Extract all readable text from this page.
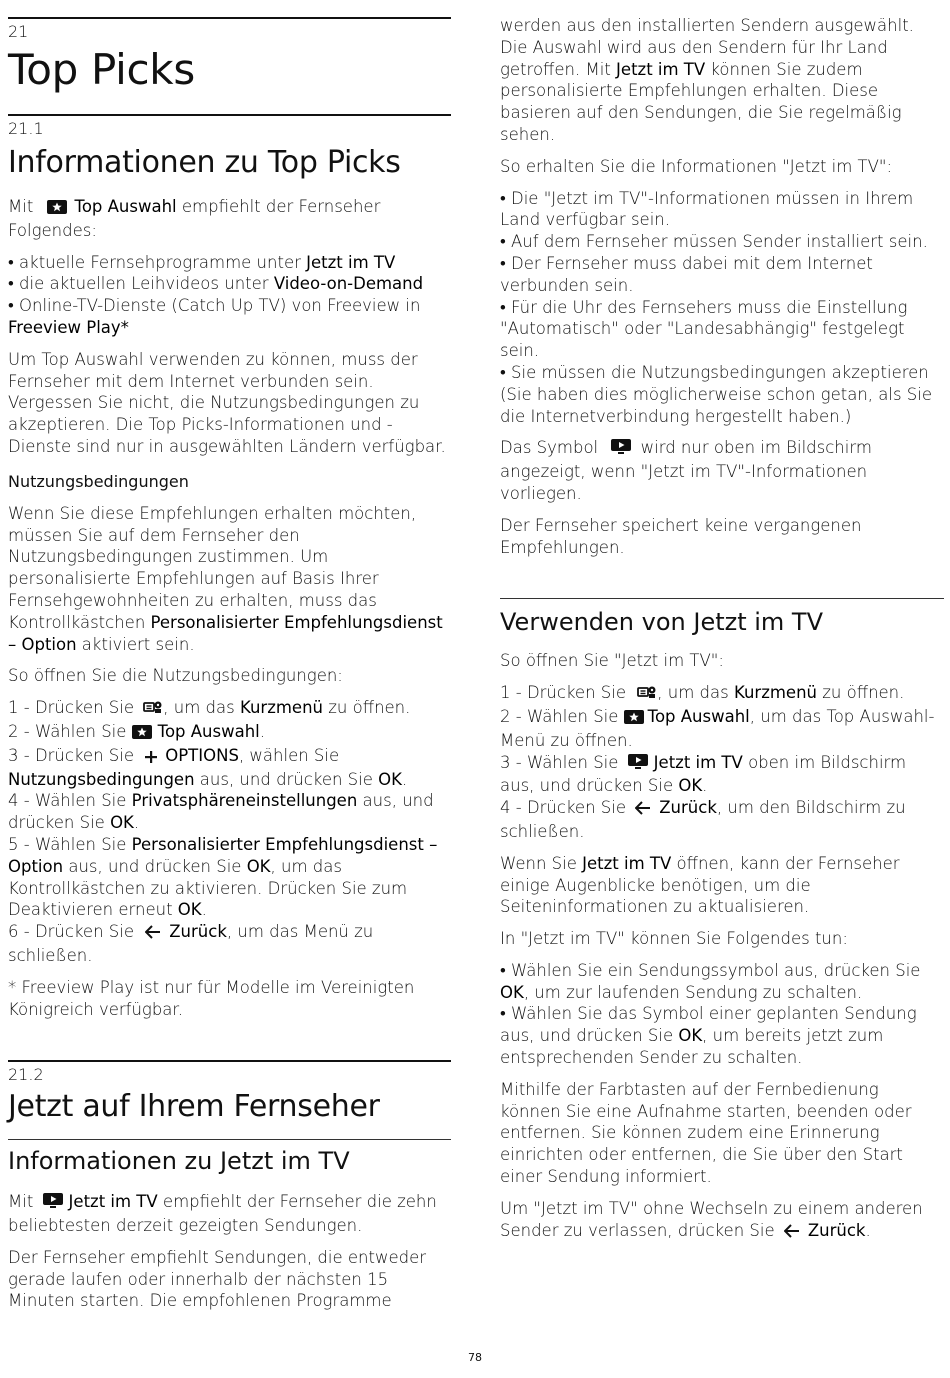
21
Top Picks
21.1
Informationen zu Top Picks

Mit Top Auswahl empfiehlt der Fernseher Folgendes:

• aktuelle Fernsehprogramme unter Jetzt im TV

• die aktuellen Leihvideos unter Video-on-Demand

• Online-TV-Dienste (Catch Up TV) von Freeview in Freeview Play*

Um Top Auswahl verwenden zu können, muss der Fernseher mit dem Internet verbunden sein. Vergessen Sie nicht, die Nutzungsbedingungen zu akzeptieren. Die Top Picks-Informationen und -Dienste sind nur in ausgewählten Ländern verfügbar.

Nutzungsbedingungen

Wenn Sie diese Empfehlungen erhalten möchten, müssen Sie auf dem Fernseher den Nutzungsbedingungen zustimmen. Um personalisierte Empfehlungen auf Basis Ihrer Fernsehgewohnheiten zu erhalten, muss das Kontrollkästchen Personalisierter Empfehlungsdienst – Option aktiviert sein.

So öffnen Sie die Nutzungsbedingungen:

1 - Drücken Sie , um das Kurzmenü zu öffnen.

2 - Wählen Sie Top Auswahl.

3 - Drücken Sie OPTIONS, wählen Sie Nutzungsbedingungen aus, und drücken Sie OK.

4 - Wählen Sie Privatsphäreneinstellungen aus, und drücken Sie OK.

5 - Wählen Sie Personalisierter Empfehlungsdienst – Option aus, und drücken Sie OK, um das Kontrollkästchen zu aktivieren. Drücken Sie zum Deaktivieren erneut OK.

6 - Drücken Sie Zurück, um das Menü zu schließen.

* Freeview Play ist nur für Modelle im Vereinigten Königreich verfügbar.

21.2
Jetzt auf Ihrem Fernseher
Informationen zu Jetzt im TV

Mit Jetzt im TV empfiehlt der Fernseher die zehn beliebtesten derzeit gezeigten Sendungen.

Der Fernseher empfiehlt Sendungen, die entweder gerade laufen oder innerhalb der nächsten 15 Minuten starten. Die empfohlenen Programme

werden aus den installierten Sendern ausgewählt. Die Auswahl wird aus den Sendern für Ihr Land getroffen. Mit Jetzt im TV können Sie zudem personalisierte Empfehlungen erhalten. Diese basieren auf den Sendungen, die Sie regelmäßig sehen.

So erhalten Sie die Informationen "Jetzt im TV":

• Die "Jetzt im TV"-Informationen müssen in Ihrem Land verfügbar sein.

• Auf dem Fernseher müssen Sender installiert sein.

• Der Fernseher muss dabei mit dem Internet verbunden sein.

• Für die Uhr des Fernsehers muss die Einstellung "Automatisch" oder "Landesabhängig" festgelegt sein.

• Sie müssen die Nutzungsbedingungen akzeptieren (Sie haben dies möglicherweise schon getan, als Sie die Internetverbindung hergestellt haben.)

Das Symbol  wird nur oben im Bildschirm angezeigt, wenn "Jetzt im TV"-Informationen vorliegen.

Der Fernseher speichert keine vergangenen Empfehlungen.

Verwenden von Jetzt im TV

So öffnen Sie "Jetzt im TV":

1 - Drücken Sie , um das Kurzmenü zu öffnen.

2 - Wählen Sie Top Auswahl, um das Top Auswahl-Menü zu öffnen.

3 - Wählen Sie Jetzt im TV oben im Bildschirm aus, und drücken Sie OK.

4 - Drücken Sie Zurück, um den Bildschirm zu schließen.

Wenn Sie Jetzt im TV öffnen, kann der Fernseher einige Augenblicke benötigen, um die Seiteninformationen zu aktualisieren.

In "Jetzt im TV" können Sie Folgendes tun:

• Wählen Sie ein Sendungssymbol aus, drücken Sie OK, um zur laufenden Sendung zu schalten.

• Wählen Sie das Symbol einer geplanten Sendung aus, und drücken Sie OK, um bereits jetzt zum entsprechenden Sender zu schalten.

Mithilfe der Farbtasten auf der Fernbedienung können Sie eine Aufnahme starten, beenden oder entfernen. Sie können zudem eine Erinnerung einrichten oder entfernen, die Sie über den Start einer Sendung informiert.

Um "Jetzt im TV" ohne Wechseln zu einem anderen Sender zu verlassen, drücken Sie Zurück.

78
